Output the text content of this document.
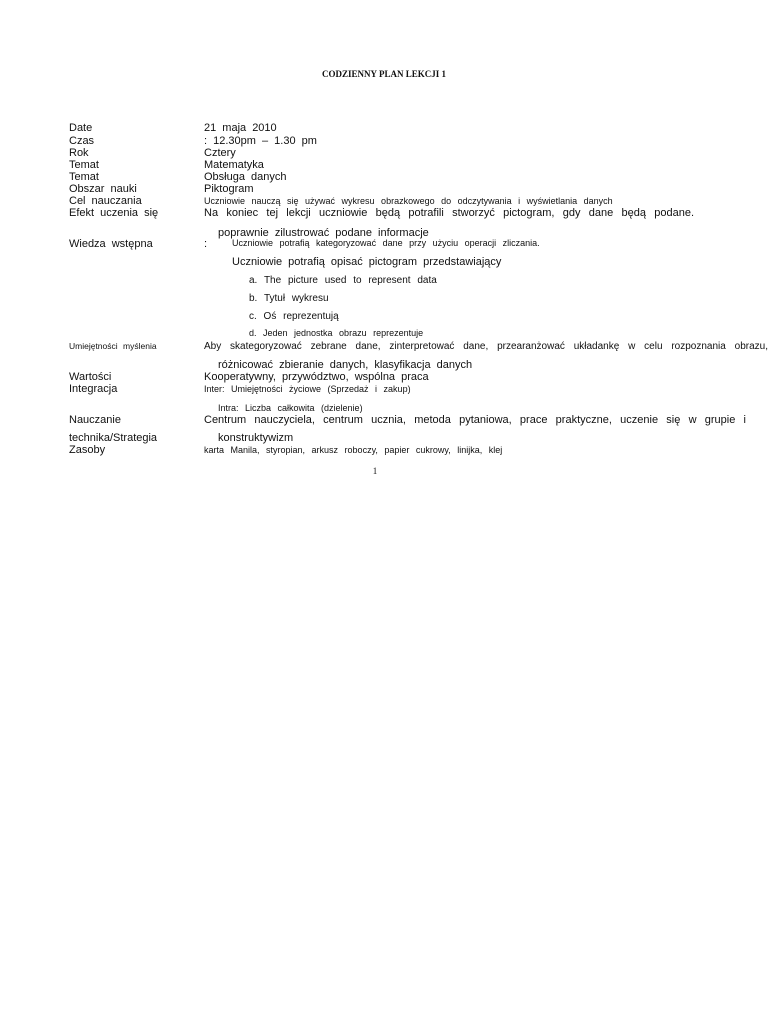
CODZIENNY PLAN LEKCJI 1
Date
Czas
Rok
Temat
Temat
Obszar nauki
Cel nauczania
Efekt uczenia się
Wiedza wstępna
Umiejętności myślenia
Wartości
Integracja
Nauczanie
technika/Strategia
Zasoby
21 maja 2010
: 12.30pm – 1.30 pm
Cztery
Matematyka
Obsługa danych
Piktogram
Uczniowie nauczą się używać wykresu obrazkowego do odczytywania i wyświetlania danych
Na koniec tej lekcji uczniowie będą potrafili stworzyć pictogram, gdy dane będą podane.
poprawnie zilustrować podane informacje
:	Uczniowie potrafią kategoryzować dane przy użyciu operacji zliczania.
Uczniowie potrafią opisać pictogram przedstawiający
a. The picture used to represent data
b. Tytuł wykresu
c. Oś reprezentują
d. Jeden jednostka obrazu reprezentuje
Aby skategoryzować zebrane dane, zinterpretować dane, przearanżować układankę w celu rozpoznania obrazu,
różnicować zbieranie danych, klasyfikacja danych
Kooperatywny, przywództwo, wspólna praca
Inter: Umiejętności życiowe (Sprzedaż i zakup)
Intra: Liczba całkowita (dzielenie)
Centrum nauczyciela, centrum ucznia, metoda pytaniowa, prace praktyczne, uczenie się w grupie i
konstruktywizm
karta Manila, styropian, arkusz roboczy, papier cukrowy, linijka, klej
1
